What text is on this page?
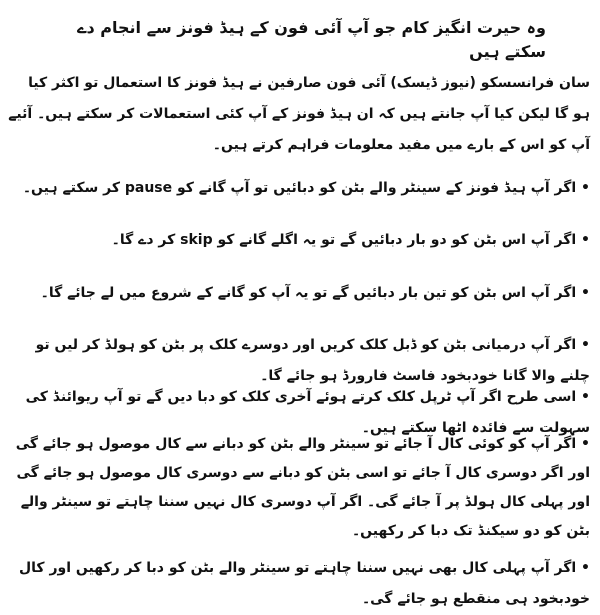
وہ حیرت انگیز کام جو آپ آئی فون کے ہیڈ فونز سے انجام دے سکتے ہیں
سان فرانسسکو (نیوز ڈیسک) آئی فون صارفین نے ہیڈ فونز کا استعمال تو اکثر کیا ہو گا لیکن کیا آپ جانتے ہیں کہ ان ہیڈ فونز کے آپ کئی استعمالات کر سکتے ہیں۔ آئیے آپ کو اس کے بارے میں مفید معلومات فراہم کرتے ہیں۔
• اگر آپ ہیڈ فونز کے سینٹر والے بٹن کو دبائیں تو آپ گانے کو pause کر سکتے ہیں۔
• اگر آپ اس بٹن کو دو بار دبائیں گے تو یہ اگلے گانے کو skip کر دے گا۔
• اگر آپ اس بٹن کو تین بار دبائیں گے تو یہ آپ کو گانے کے شروع میں لے جائے گا۔
• اگر آپ درمیانی بٹن کو ڈبل کلک کریں اور دوسرے کلک پر بٹن کو ہولڈ کر لیں تو چلنے والا گانا خودبخود فاسٹ فارورڈ ہو جائے گا۔
• اسی طرح اگر آپ ٹرپل کلک کرتے ہوئے آخری کلک کو دبا دیں گے تو آپ ریوائنڈ کی سہولت سے فائدہ اٹھا سکتے ہیں۔
• اگر آپ کو کوئی کال آ جائے تو سینٹر والے بٹن کو دبانے سے کال موصول ہو جائے گی اور اگر دوسری کال آ جائے تو اسی بٹن کو دبانے سے دوسری کال موصول ہو جائے گی اور پہلی کال ہولڈ پر آ جائے گی۔ اگر آپ دوسری کال نہیں سننا چاہتے تو سینٹر والے بٹن کو دو سیکنڈ تک دبا کر رکھیں۔
• اگر آپ پہلی کال بھی نہیں سننا چاہتے تو سینٹر والے بٹن کو دبا کر رکھیں اور کال خودبخود ہی منقطع ہو جائے گی۔
